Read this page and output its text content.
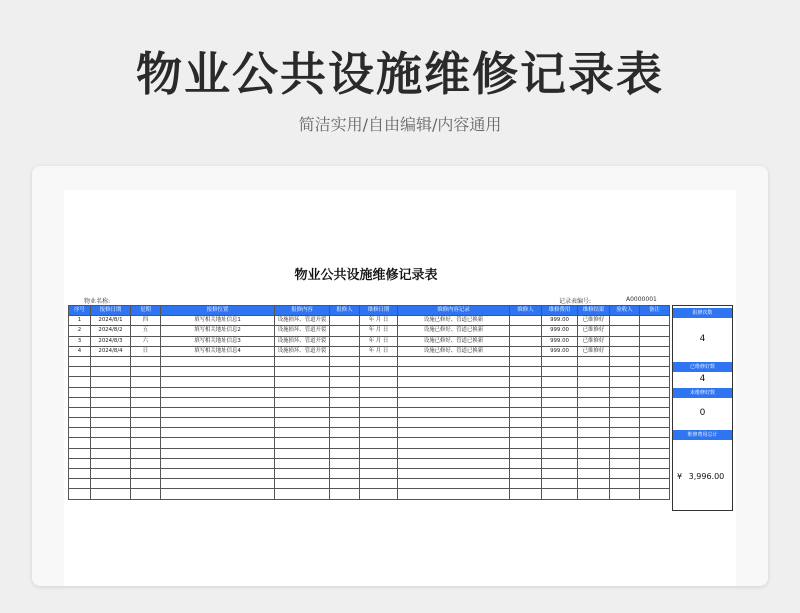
物业公共设施维修记录表
简洁实用/自由编辑/内容通用
物业公共设施维修记录表
物业名称:	记录表编号:	A0000001
序号	报修日期	星期	报修位置	报修内容	报修人	维修日期	维修内容记录	维修人	维修费用	维修结果	验收人	备注
1	2024/8/1	四	填写相关地址信息1	设施损坏、管道开裂		年 月 日	设施已修好、管道已换新		999.00	已维修好		
2	2024/8/2	五	填写相关地址信息2	设施损坏、管道开裂		年 月 日	设施已修好、管道已换新		999.00	已维修好		
3	2024/8/3	六	填写相关地址信息3	设施损坏、管道开裂		年 月 日	设施已修好、管道已换新		999.00	已维修好		
4	2024/8/4	日	填写相关地址信息4	设施损坏、管道开裂		年 月 日	设施已修好、管道已换新		999.00	已维修好		

报修次数
4
已维修好数
4
未维修好数
0
维修费用总计
¥ 3,996.00
